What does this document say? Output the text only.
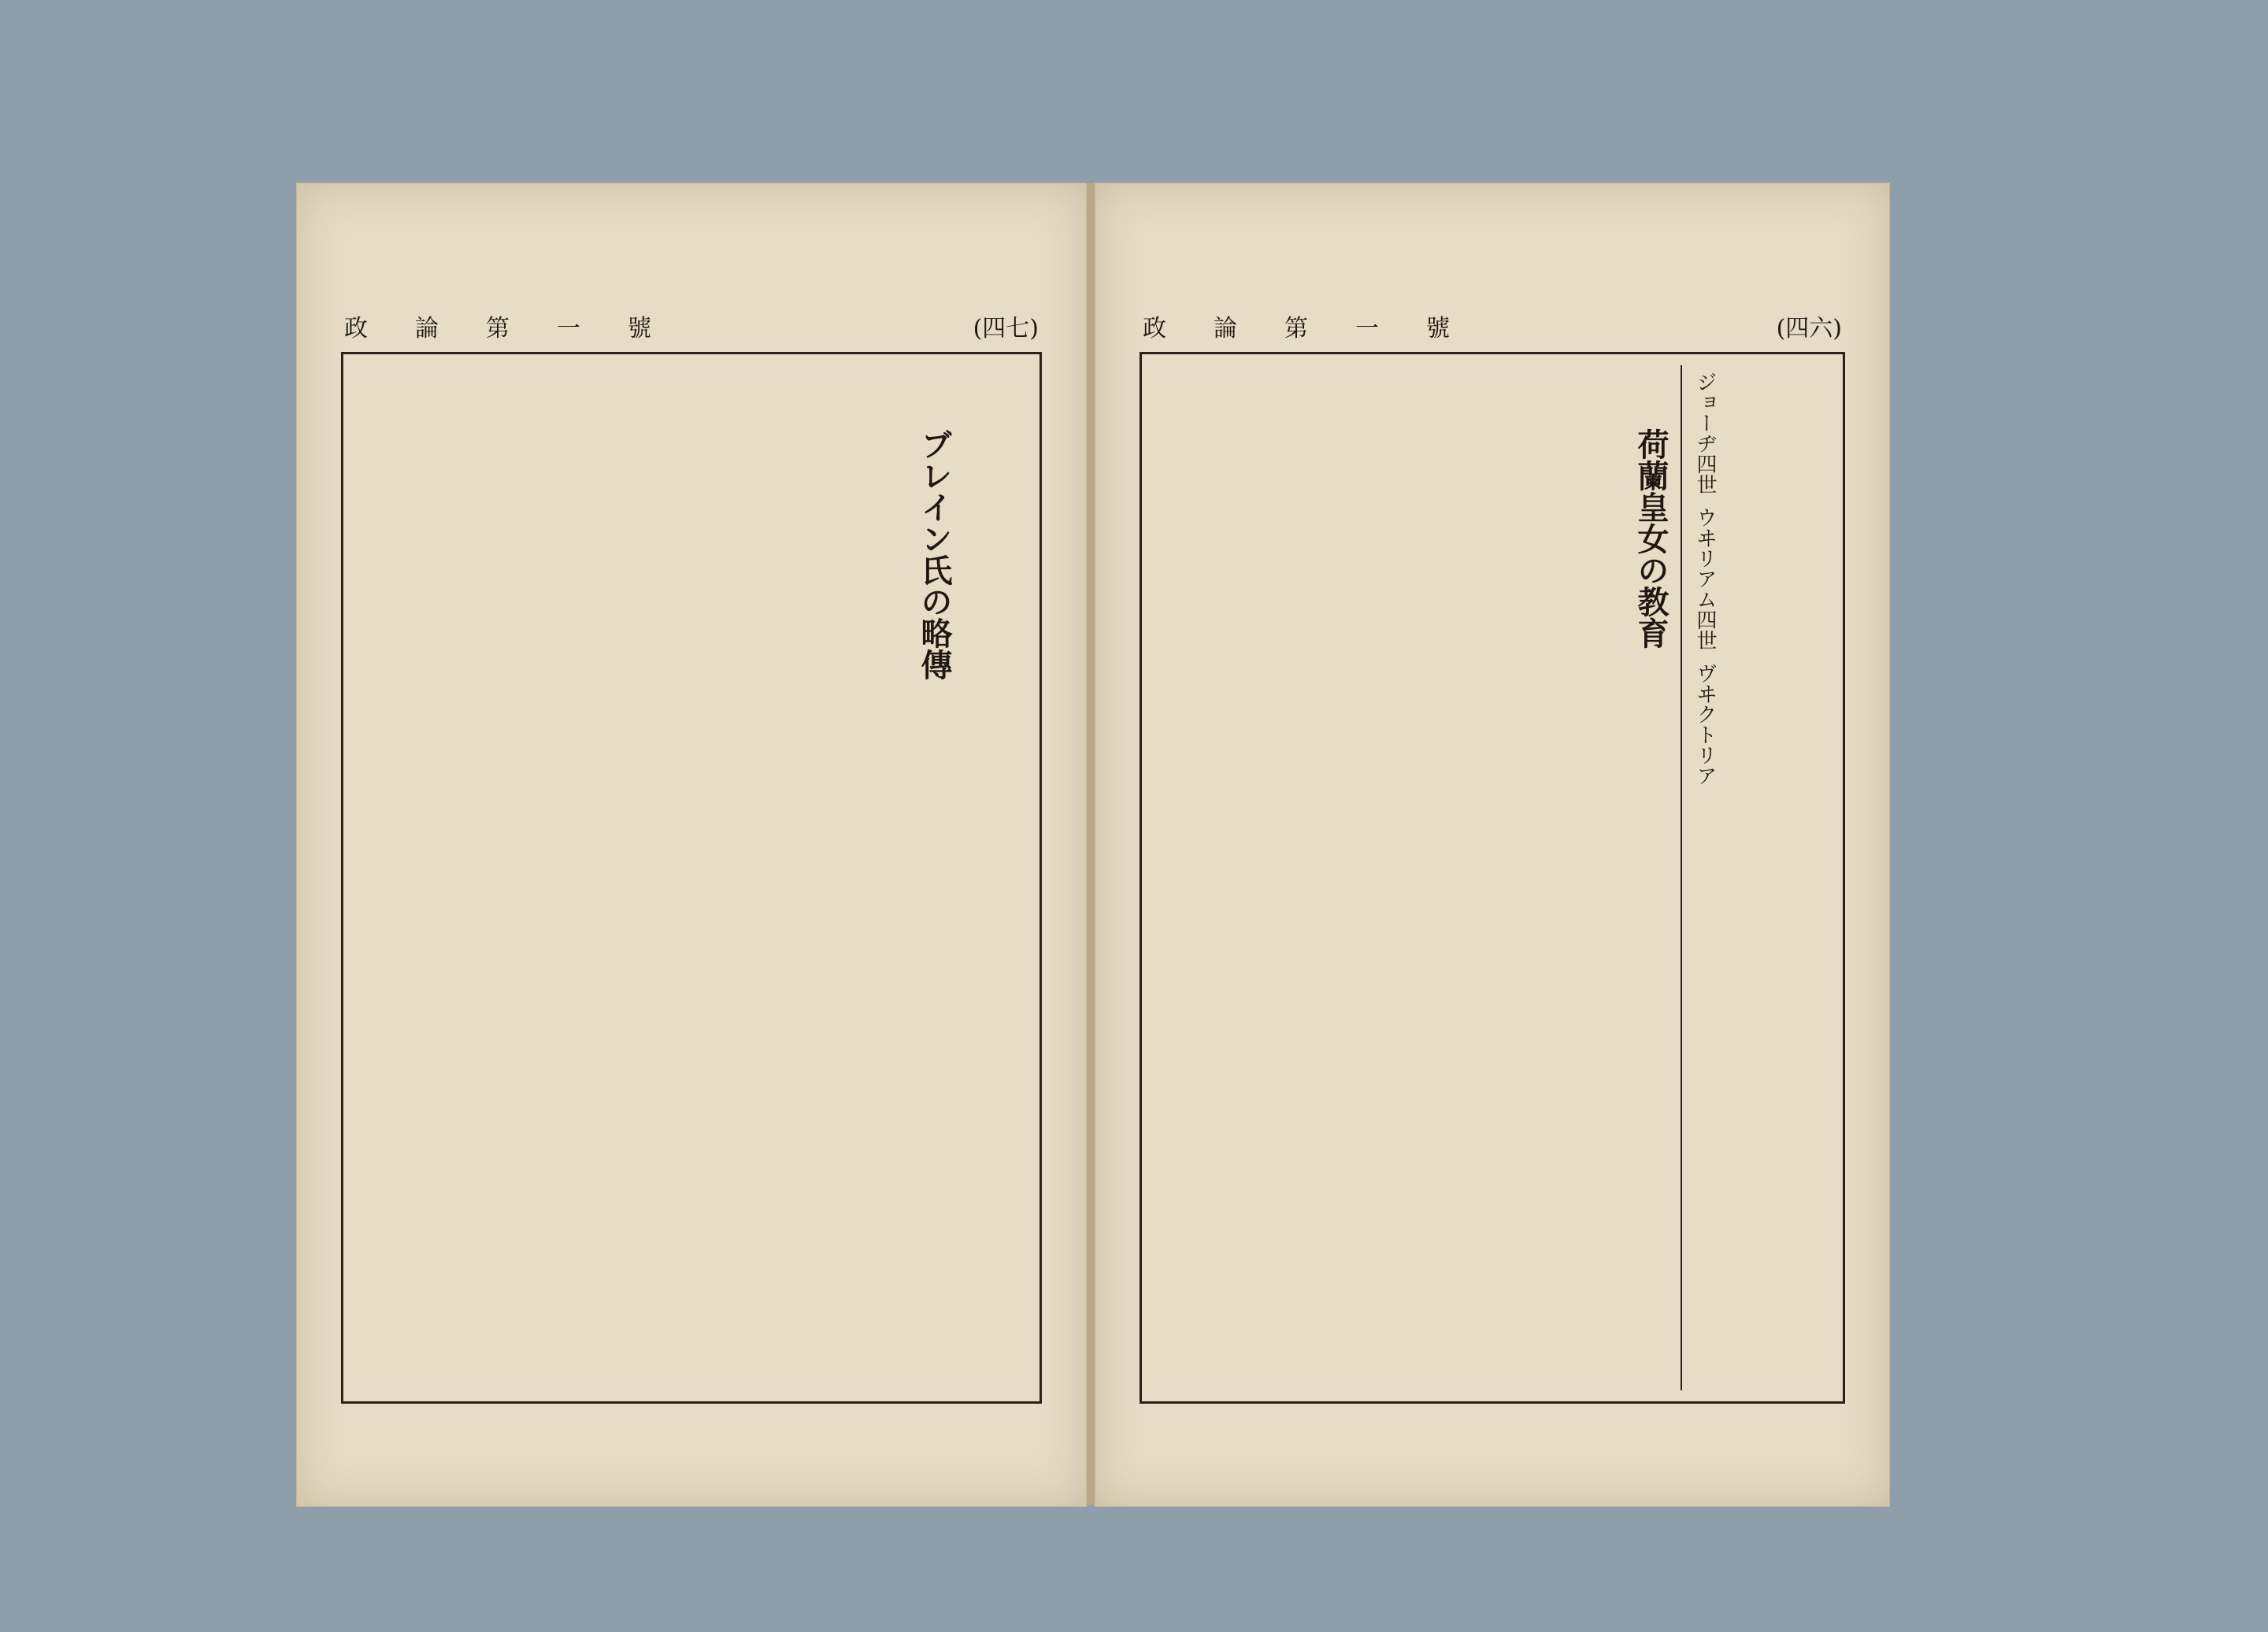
(四七)
政論第一號
ブレイン氏の略傳
(四六)
政論第一號
ジョーヂ四世
ウヰリアム四世
ヴヰクトリア
荷蘭皇女の教育
